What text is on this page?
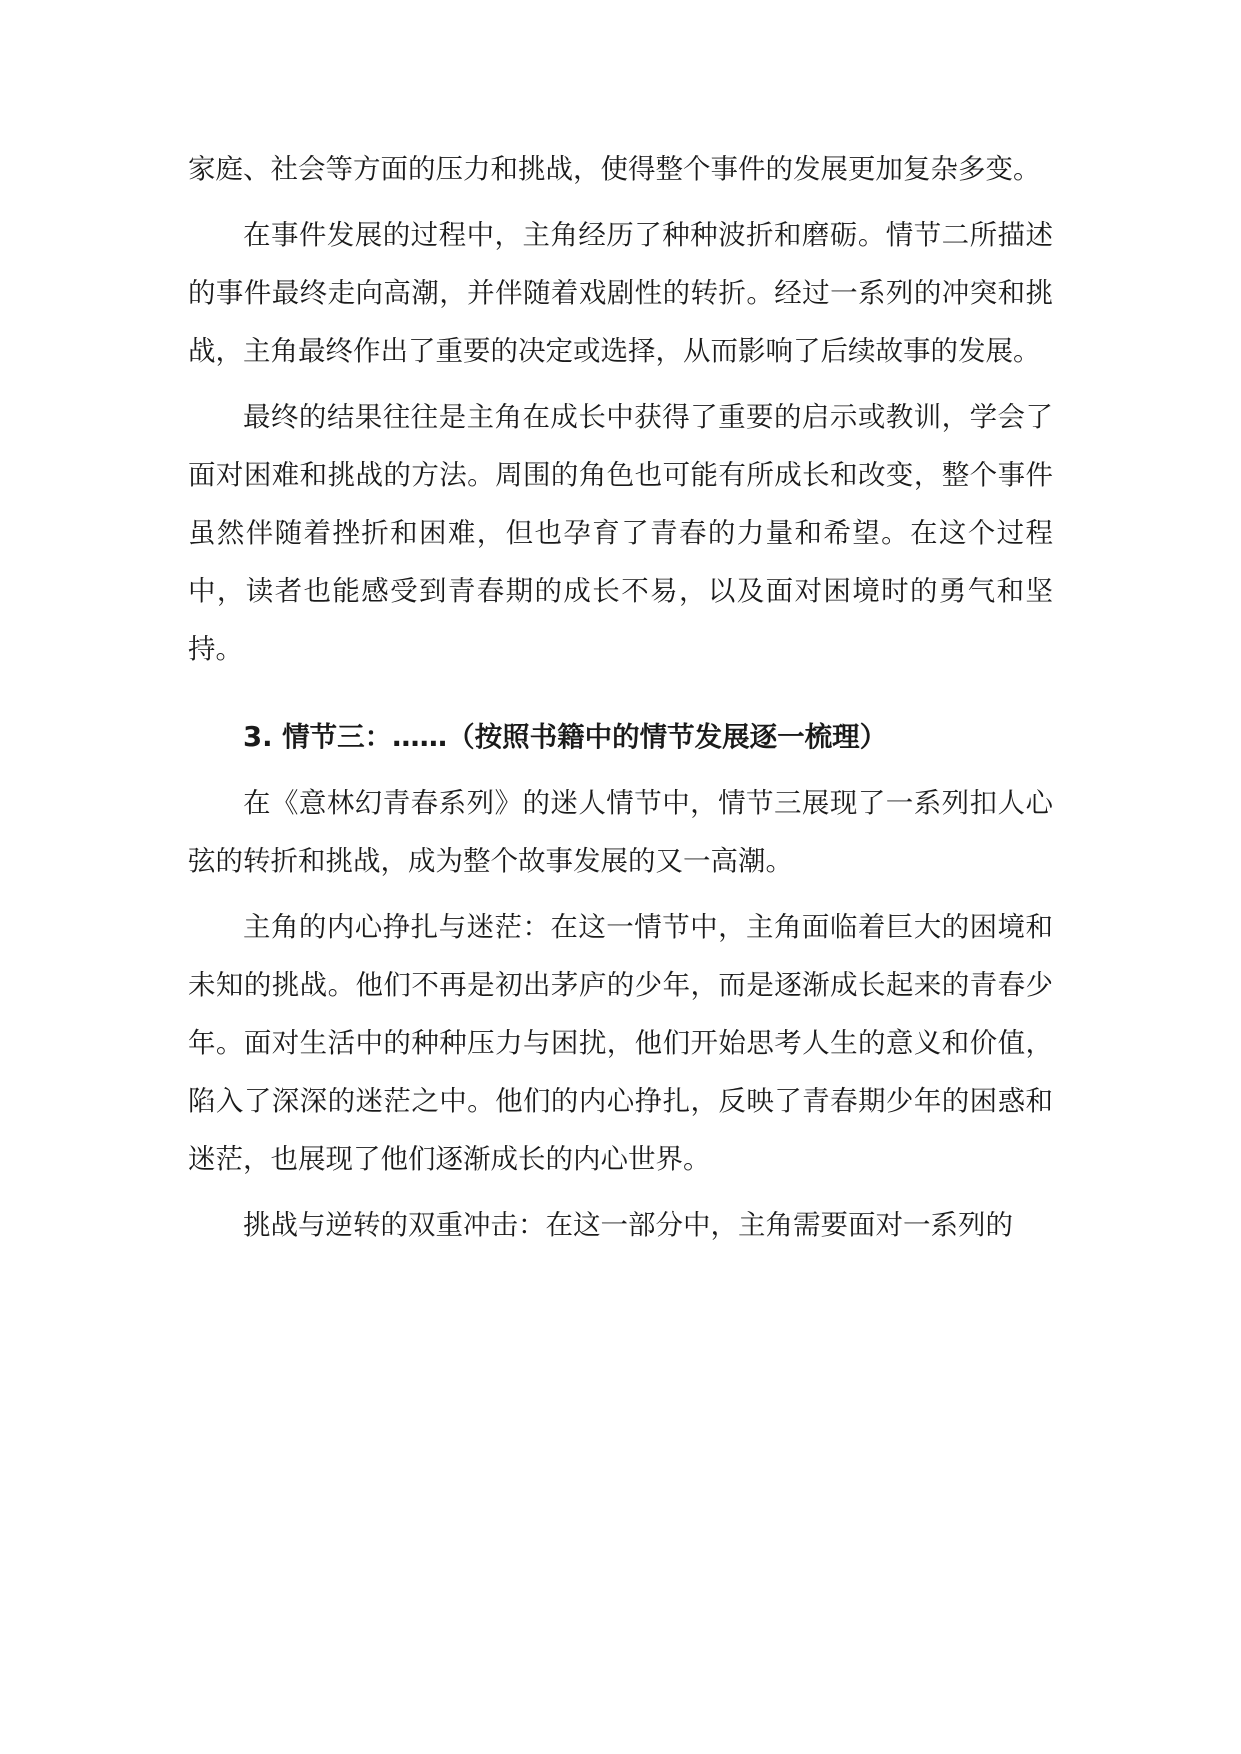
家庭、社会等方面的压力和挑战，使得整个事件的发展更加复杂多变。

在事件发展的过程中，主角经历了种种波折和磨砺。情节二所描述的事件最终走向高潮，并伴随着戏剧性的转折。经过一系列的冲突和挑战，主角最终作出了重要的决定或选择，从而影响了后续故事的发展。

最终的结果往往是主角在成长中获得了重要的启示或教训，学会了面对困难和挑战的方法。周围的角色也可能有所成长和改变，整个事件虽然伴随着挫折和困难，但也孕育了青春的力量和希望。在这个过程中，读者也能感受到青春期的成长不易，以及面对困境时的勇气和坚持。

3. 情节三：……（按照书籍中的情节发展逐一梳理）

在《意林幻青春系列》的迷人情节中，情节三展现了一系列扣人心弦的转折和挑战，成为整个故事发展的又一高潮。

主角的内心挣扎与迷茫：在这一情节中，主角面临着巨大的困境和未知的挑战。他们不再是初出茅庐的少年，而是逐渐成长起来的青春少年。面对生活中的种种压力与困扰，他们开始思考人生的意义和价值，陷入了深深的迷茫之中。他们的内心挣扎，反映了青春期少年的困惑和迷茫，也展现了他们逐渐成长的内心世界。

挑战与逆转的双重冲击：在这一部分中，主角需要面对一系列的
